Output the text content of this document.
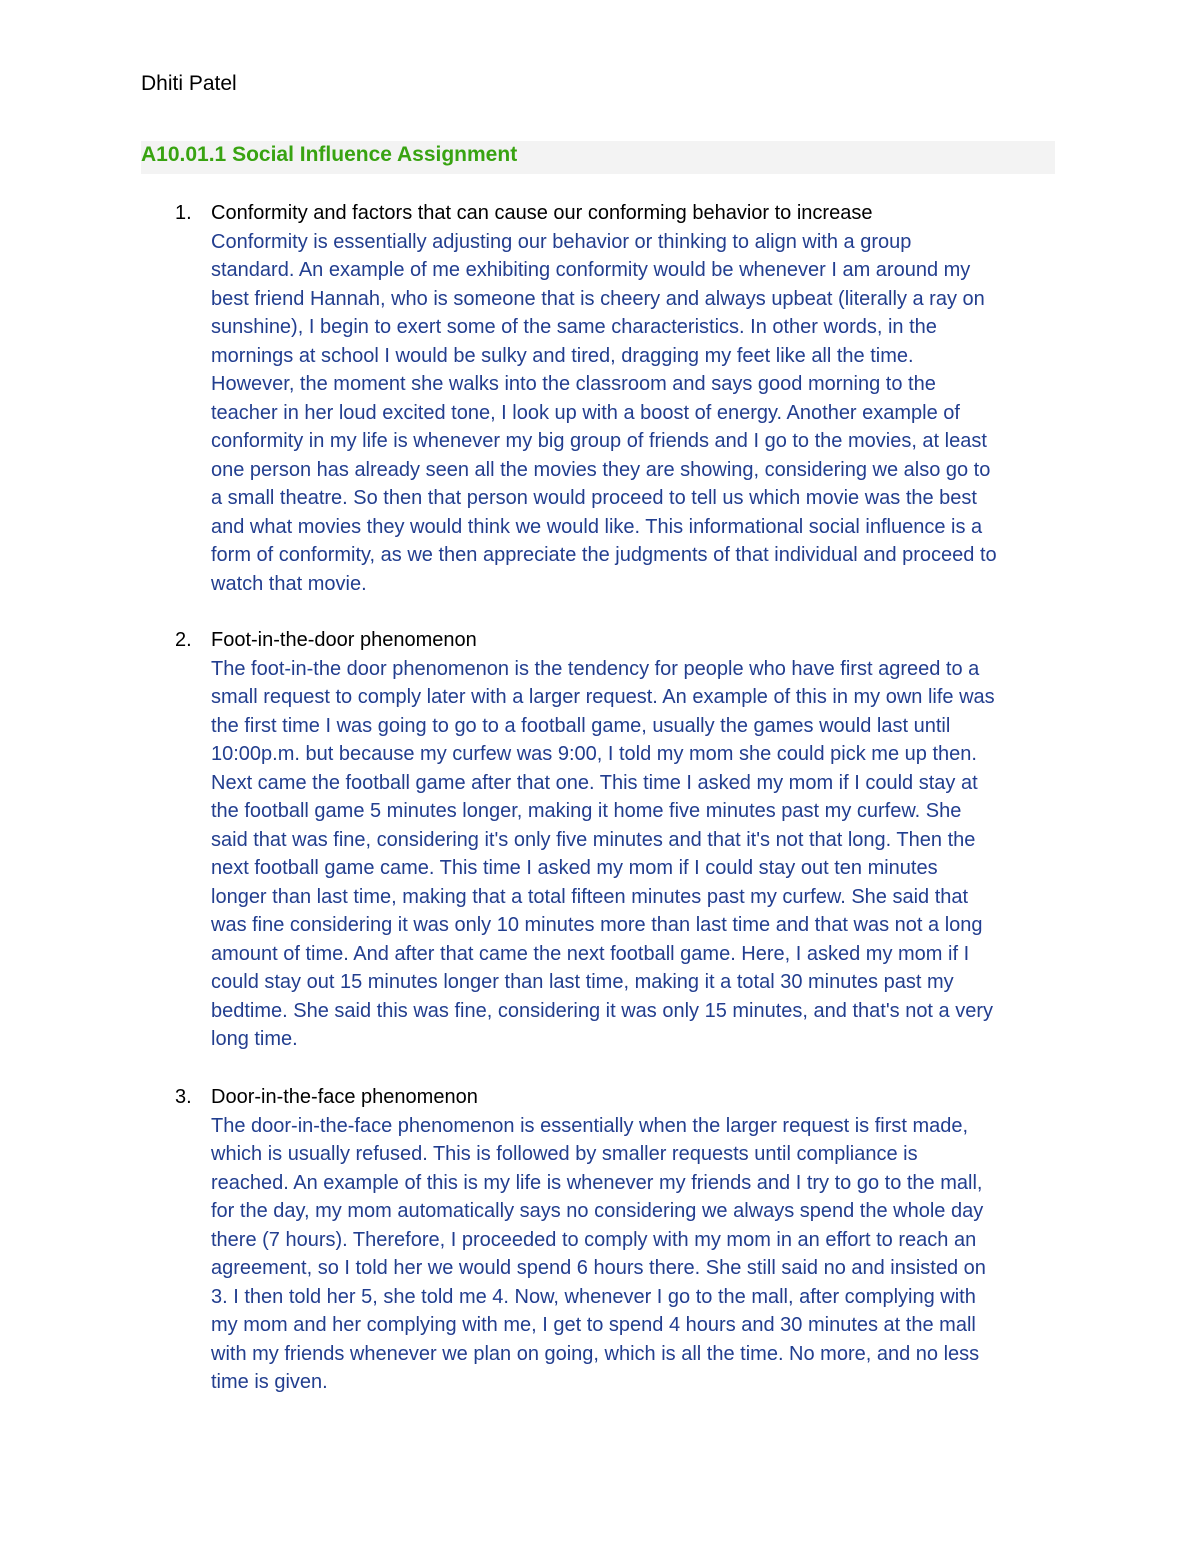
Dhiti Patel
A10.01.1 Social Influence Assignment
1. Conformity and factors that can cause our conforming behavior to increase
Conformity is essentially adjusting our behavior or thinking to align with a group
standard. An example of me exhibiting conformity would be whenever I am around my
best friend Hannah, who is someone that is cheery and always upbeat (literally a ray on
sunshine), I begin to exert some of the same characteristics. In other words, in the
mornings at school I would be sulky and tired, dragging my feet like all the time.
However, the moment she walks into the classroom and says good morning to the
teacher in her loud excited tone, I look up with a boost of energy. Another example of
conformity in my life is whenever my big group of friends and I go to the movies, at least
one person has already seen all the movies they are showing, considering we also go to
a small theatre. So then that person would proceed to tell us which movie was the best
and what movies they would think we would like. This informational social influence is a
form of conformity, as we then appreciate the judgments of that individual and proceed to
watch that movie.
2. Foot-in-the-door phenomenon
The foot-in-the door phenomenon is the tendency for people who have first agreed to a
small request to comply later with a larger request. An example of this in my own life was
the first time I was going to go to a football game, usually the games would last until
10:00p.m. but because my curfew was 9:00, I told my mom she could pick me up then.
Next came the football game after that one. This time I asked my mom if I could stay at
the football game 5 minutes longer, making it home five minutes past my curfew. She
said that was fine, considering it's only five minutes and that it's not that long. Then the
next football game came. This time I asked my mom if I could stay out ten minutes
longer than last time, making that a total fifteen minutes past my curfew. She said that
was fine considering it was only 10 minutes more than last time and that was not a long
amount of time. And after that came the next football game. Here, I asked my mom if I
could stay out 15 minutes longer than last time, making it a total 30 minutes past my
bedtime. She said this was fine, considering it was only 15 minutes, and that's not a very
long time.
3. Door-in-the-face phenomenon
The door-in-the-face phenomenon is essentially when the larger request is first made,
which is usually refused. This is followed by smaller requests until compliance is
reached. An example of this is my life is whenever my friends and I try to go to the mall,
for the day, my mom automatically says no considering we always spend the whole day
there (7 hours). Therefore, I proceeded to comply with my mom in an effort to reach an
agreement, so I told her we would spend 6 hours there. She still said no and insisted on
3. I then told her 5, she told me 4. Now, whenever I go to the mall, after complying with
my mom and her complying with me, I get to spend 4 hours and 30 minutes at the mall
with my friends whenever we plan on going, which is all the time. No more, and no less
time is given.
